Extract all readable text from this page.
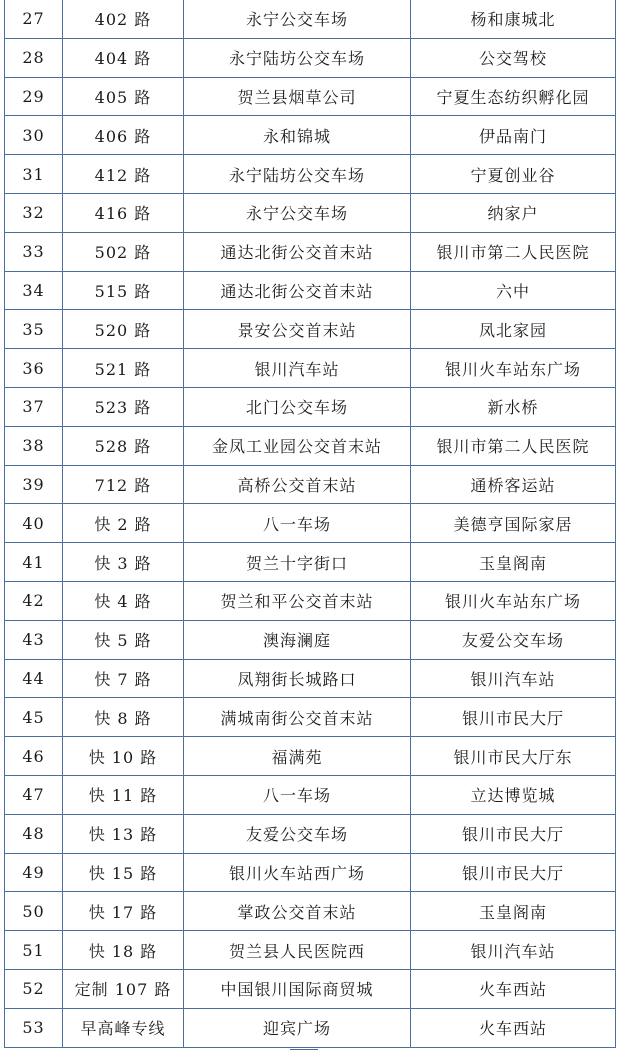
27	402 路	永宁公交车场	杨和康城北
28	404 路	永宁陆坊公交车场	公交驾校
29	405 路	贺兰县烟草公司	宁夏生态纺织孵化园
30	406 路	永和锦城	伊品南门
31	412 路	永宁陆坊公交车场	宁夏创业谷
32	416 路	永宁公交车场	纳家户
33	502 路	通达北街公交首末站	银川市第二人民医院
34	515 路	通达北街公交首末站	六中
35	520 路	景安公交首末站	凤北家园
36	521 路	银川汽车站	银川火车站东广场
37	523 路	北门公交车场	新水桥
38	528 路	金凤工业园公交首末站	银川市第二人民医院
39	712 路	高桥公交首末站	通桥客运站
40	快 2 路	八一车场	美德亨国际家居
41	快 3 路	贺兰十字街口	玉皇阁南
42	快 4 路	贺兰和平公交首末站	银川火车站东广场
43	快 5 路	澳海澜庭	友爱公交车场
44	快 7 路	凤翔街长城路口	银川汽车站
45	快 8 路	满城南街公交首末站	银川市民大厅
46	快 10 路	福满苑	银川市民大厅东
47	快 11 路	八一车场	立达博览城
48	快 13 路	友爱公交车场	银川市民大厅
49	快 15 路	银川火车站西广场	银川市民大厅
50	快 17 路	掌政公交首末站	玉皇阁南
51	快 18 路	贺兰县人民医院西	银川汽车站
52	定制 107 路	中国银川国际商贸城	火车西站
53	早高峰专线	迎宾广场	火车西站
